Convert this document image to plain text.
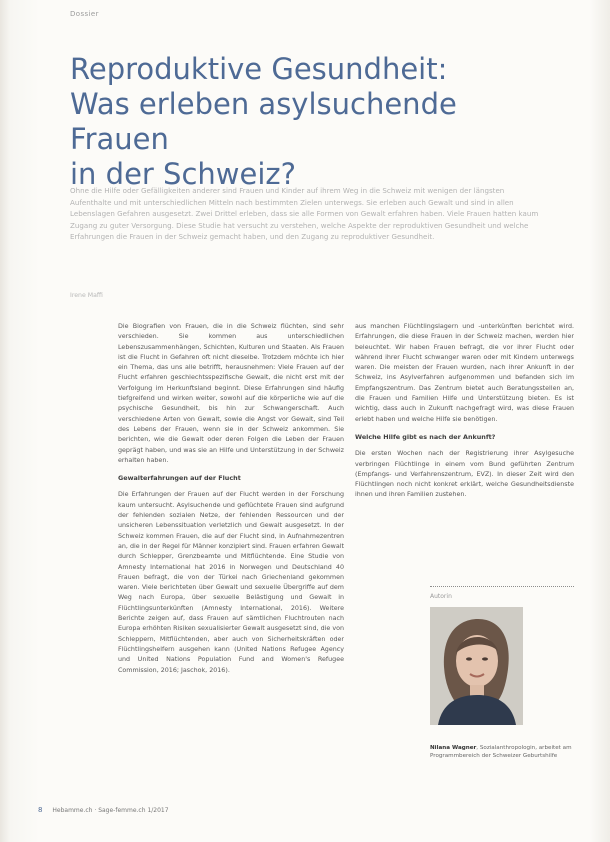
Dossier
Reproduktive Gesundheit:
Was erleben asylsuchende Frauen
in der Schweiz?
Ohne die Hilfe oder Gefälligkeiten anderer sind Frauen und Kinder auf ihrem Weg in die Schweiz mit wenigen der längsten Aufenthalte und mit unterschiedlichen Mitteln nach bestimmten Zielen unterwegs. Sie erleben auch Gewalt und sind in allen Lebenslagen Gefahren ausgesetzt. Zwei Drittel erleben, dass sie alle Formen von Gewalt erfahren haben. Viele Frauen hatten kaum Zugang zu guter Versorgung. Diese Studie hat versucht zu verstehen, welche Aspekte der reproduktiven Gesundheit und welche Erfahrungen die Frauen in der Schweiz gemacht haben, und den Zugang zu reproduktiver Gesundheit.
Irene Maffi

Die Biografien von Frauen, die in die Schweiz flüchten, sind sehr verschieden. Sie kommen aus unterschiedlichen Lebenszusammenhängen, Schichten, Kulturen und Staaten. Als Frauen ist die Flucht in Gefahren oft nicht dieselbe. Trotzdem möchte ich hier ein Thema, das uns alle betrifft, herausnehmen: Viele Frauen auf der Flucht erfahren geschlechtsspezifische Gewalt, die nicht erst mit der Verfolgung im Herkunftsland beginnt. Diese Erfahrungen sind häufig tiefgreifend und wirken weiter, sowohl auf die körperliche wie auf die psychische Gesundheit, bis hin zur Schwangerschaft. Auch verschiedene Arten von Gewalt, sowie die Angst vor Gewalt, sind Teil des Lebens der Frauen, wenn sie in der Schweiz ankommen. Sie berichten, wie die Gewalt oder deren Folgen die Leben der Frauen geprägt haben, und was sie an Hilfe und Unterstützung in der Schweiz erhalten haben.

Gewalterfahrungen auf der Flucht

Die Erfahrungen der Frauen auf der Flucht werden in der Forschung kaum untersucht. Asylsuchende und geflüchtete Frauen sind aufgrund der fehlenden sozialen Netze, der fehlenden Ressourcen und der unsicheren Lebenssituation verletzlich und Gewalt ausgesetzt. In der Schweiz kommen Frauen, die auf der Flucht sind, in Aufnahmezentren an, die in der Regel für Männer konzipiert sind. Frauen erfahren Gewalt durch Schlepper, Grenzbeamte und Mitflüchtende. Eine Studie von Amnesty International hat 2016 in Norwegen und Deutschland 40 Frauen befragt, die von der Türkei nach Griechenland gekommen waren. Viele berichteten über Gewalt und sexuelle Übergriffe auf dem Weg nach Europa, über sexuelle Belästigung und Gewalt in Flüchtlingsunterkünften (Amnesty International, 2016). Weitere Berichte zeigen auf, dass Frauen auf sämtlichen Fluchtrouten nach Europa erhöhten Risiken sexualisierter Gewalt ausgesetzt sind, die von Schleppern, Mitflüchtenden, aber auch von Sicherheitskräften oder Flüchtlingshelfern ausgehen kann (United Nations Refugee Agency und United Nations Population Fund and Women's Refugee Commission, 2016; Jaschok, 2016).

aus manchen Flüchtlingslagern und -unterkünften berichtet wird. Erfahrungen, die diese Frauen in der Schweiz machen, werden hier beleuchtet. Wir haben Frauen befragt, die vor ihrer Flucht oder während ihrer Flucht schwanger waren oder mit Kindern unterwegs waren. Die meisten der Frauen wurden, nach ihrer Ankunft in der Schweiz, ins Asylverfahren aufgenommen und befanden sich im Empfangszentrum. Das Zentrum bietet auch Beratungsstellen an, die Frauen und Familien Hilfe und Unterstützung bieten. Es ist wichtig, dass auch in Zukunft nachgefragt wird, was diese Frauen erlebt haben und welche Hilfe sie benötigen.

Welche Hilfe gibt es nach der Ankunft?

Die ersten Wochen nach der Registrierung ihrer Asylgesuche verbringen Flüchtlinge in einem vom Bund geführten Zentrum (Empfangs- und Verfahrenszentrum, EVZ). In dieser Zeit wird den Flüchtlingen noch nicht konkret erklärt, welche Gesundheitsdienste ihnen und ihren Familien zustehen.

Autorin
Nilana Wagner, Sozialanthropologin, arbeitet am Programmbereich der Schweizer Geburtshilfe
8 Hebamme.ch · Sage-femme.ch 1/2017
